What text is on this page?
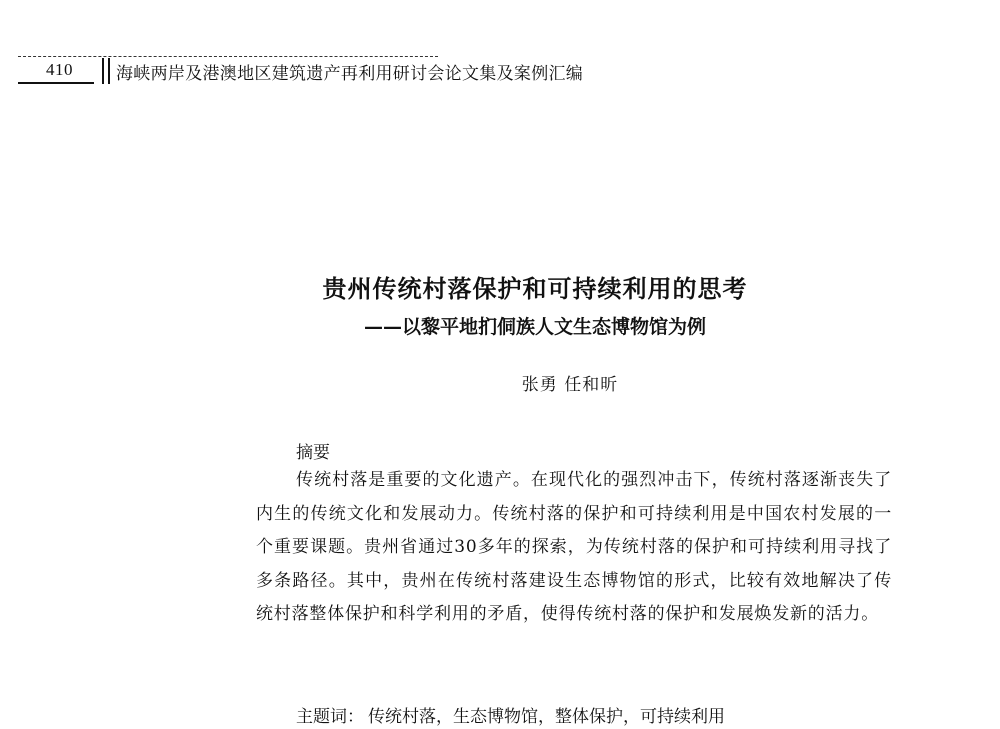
410	海峡两岸及港澳地区建筑遗产再利用研讨会论文集及案例汇编
贵州传统村落保护和可持续利用的思考
——以黎平地扪侗族人文生态博物馆为例
张勇 任和昕
摘要
传统村落是重要的文化遗产。在现代化的强烈冲击下，传统村落逐渐丧失了内生的传统文化和发展动力。传统村落的保护和可持续利用是中国农村发展的一个重要课题。贵州省通过30多年的探索，为传统村落的保护和可持续利用寻找了多条路径。其中，贵州在传统村落建设生态博物馆的形式，比较有效地解决了传统村落整体保护和科学利用的矛盾，使得传统村落的保护和发展焕发新的活力。
主题词： 传统村落，生态博物馆，整体保护，可持续利用
